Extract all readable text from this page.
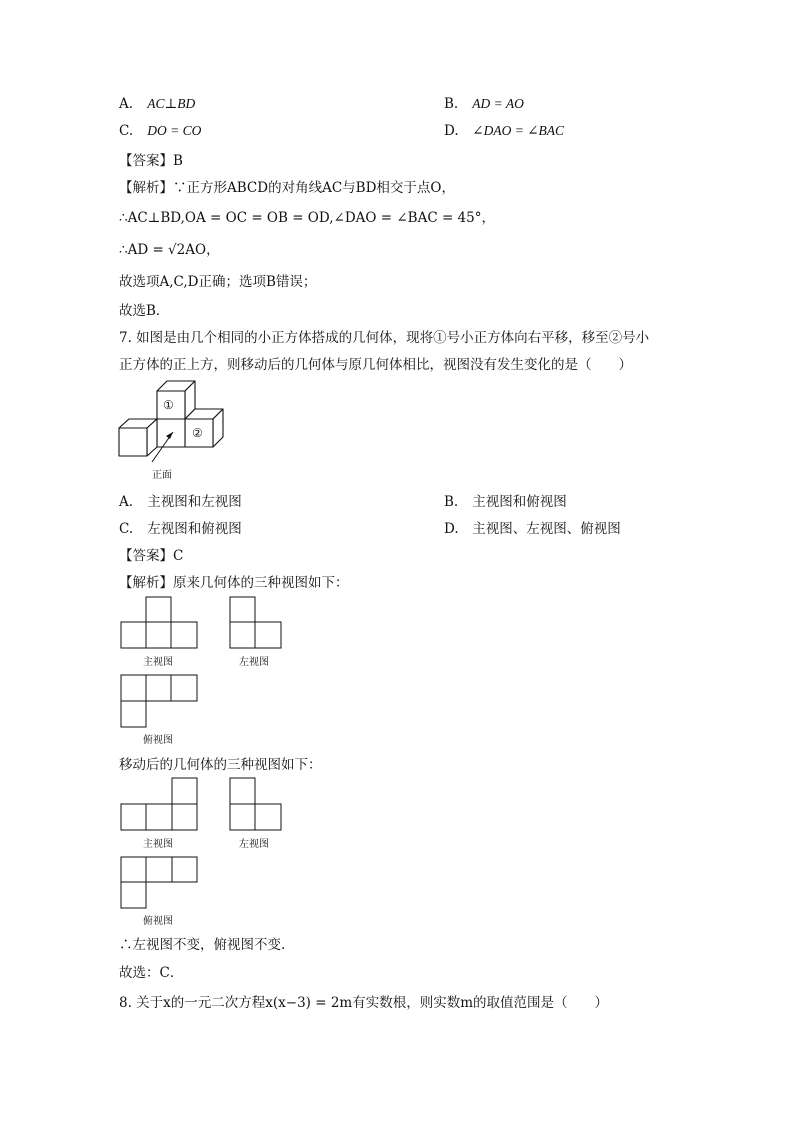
A. AC⊥BD	B. AD = AO
C. DO = CO	D. ∠DAO = ∠BAC
【答案】B
【解析】∵正方形ABCD的对角线AC与BD相交于点O，
∴AC⊥BD,OA = OC = OB = OD,∠DAO = ∠BAC = 45°，
∴AD = √2AO，
故选项A,C,D正确；选项B错误；
故选B．
7. 如图是由几个相同的小正方体搭成的几何体，现将①号小正方体向右平移，移至②号小
正方体的正上方，则移动后的几何体与原几何体相比，视图没有发生变化的是（　　）
①
②
正面
A. 主视图和左视图	B. 主视图和俯视图
C. 左视图和俯视图	D. 主视图、左视图、俯视图
【答案】C
【解析】原来几何体的三种视图如下：
主视图	左视图
俯视图
移动后的几何体的三种视图如下：
主视图	左视图
俯视图
∴左视图不变，俯视图不变.
故选：C．
8. 关于x的一元二次方程x(x−3) = 2m有实数根，则实数m的取值范围是（　　）
